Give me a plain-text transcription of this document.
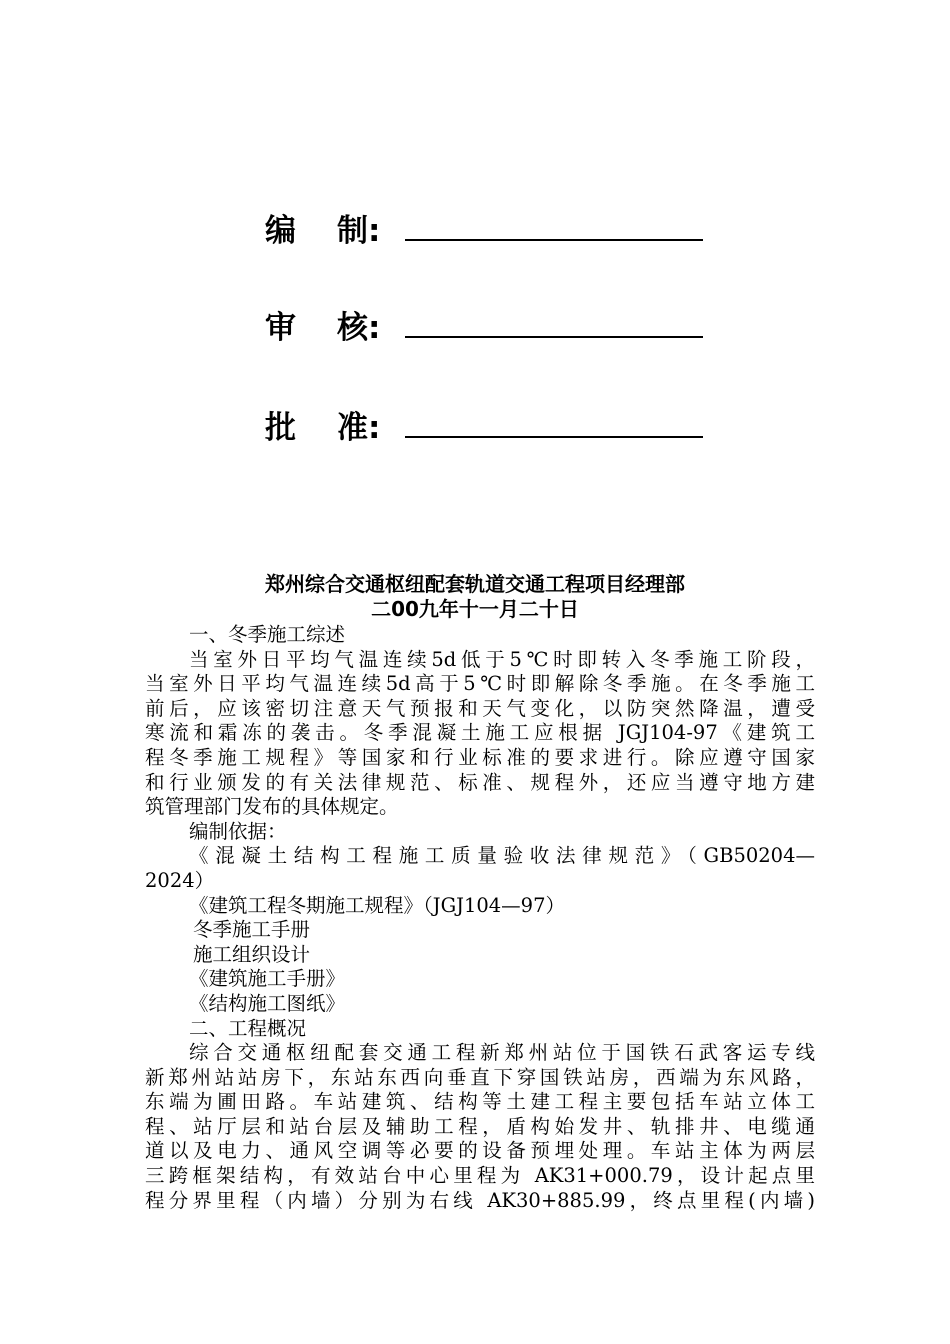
编	制:
审	核:
批	准:
郑州综合交通枢纽配套轨道交通工程项目经理部
二00九年十一月二十日

一、冬季施工综述

当室外日平均气温连续5d低于5℃时即转入冬季施工阶段，

当室外日平均气温连续5d高于5℃时即解除冬季施。在冬季施工

前后，应该密切注意天气预报和天气变化，以防突然降温，遭受

寒流和霜冻的袭击。冬季混凝土施工应根据 JGJ104-97《建筑工

程冬季施工规程》等国家和行业标准的要求进行。除应遵守国家

和行业颁发的有关法律规范、标准、规程外，还应当遵守地方建

筑管理部门发布的具体规定。

编制依据：

《混凝土结构工程施工质量验收法律规范》（GB50204—

2024）

《建筑工程冬期施工规程》（JGJ104—97）

冬季施工手册

施工组织设计

《建筑施工手册》

《结构施工图纸》

二、工程概况

综合交通枢纽配套交通工程新郑州站位于国铁石武客运专线

新郑州站站房下，东站东西向垂直下穿国铁站房，西端为东风路，

东端为圃田路。车站建筑、结构等土建工程主要包括车站立体工

程、站厅层和站台层及辅助工程，盾构始发井、轨排井、电缆通

道以及电力、通风空调等必要的设备预埋处理。车站主体为两层

三跨框架结构，有效站台中心里程为 AK31+000.79，设计起点里

程分界里程（内墙）分别为右线 AK30+885.99，终点里程(内墙)
